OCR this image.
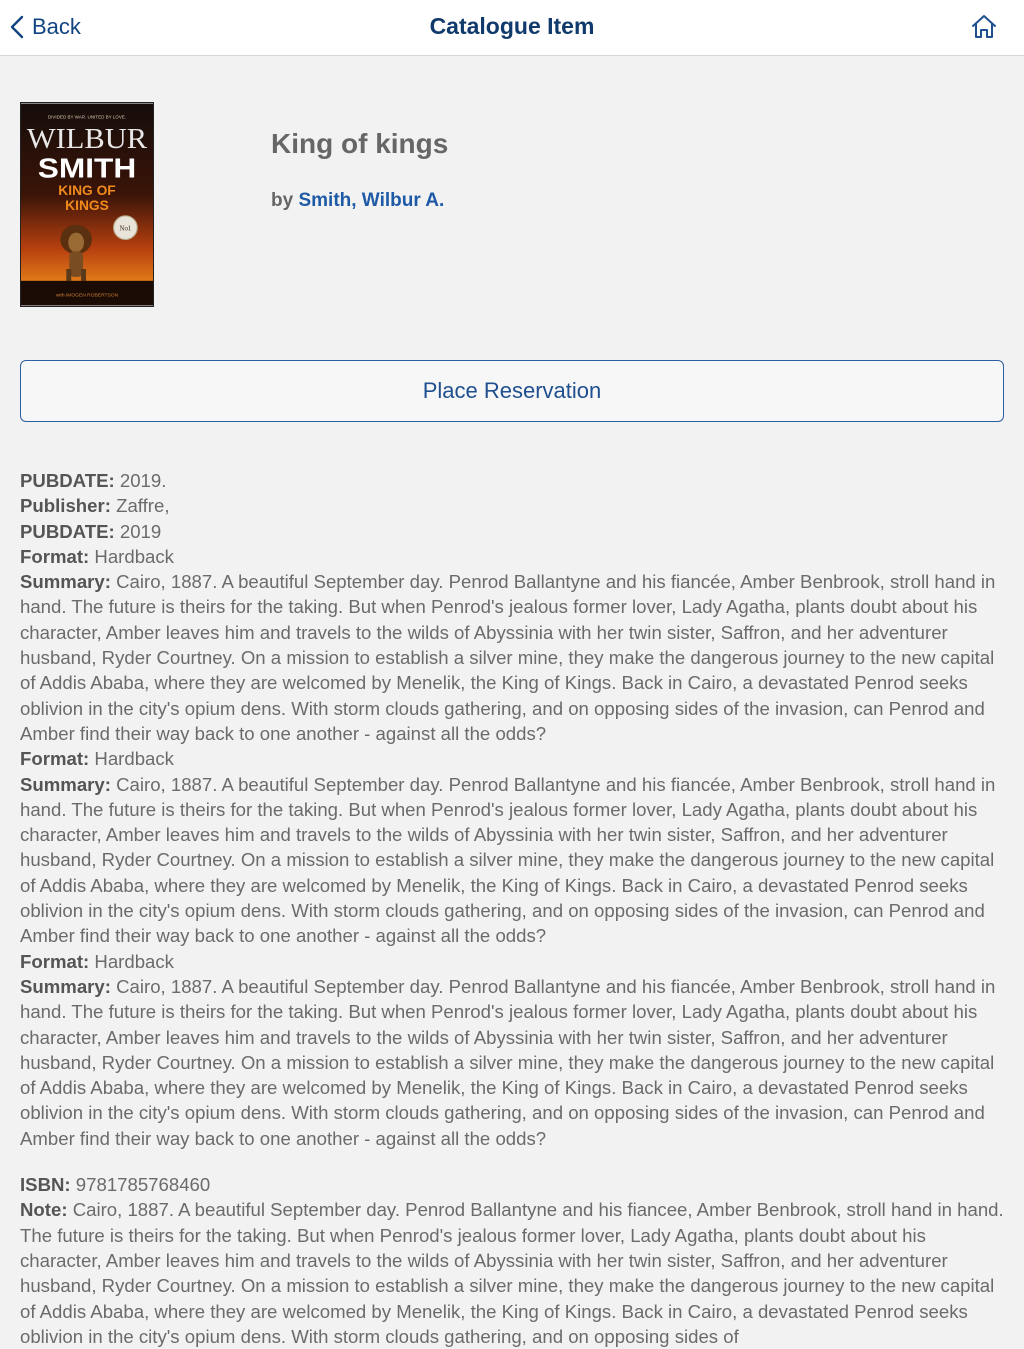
Back	Catalogue Item
DIVIDED BY WAR. UNITED BY LOVE.
WILBUR
SMITH
KING OF
KINGS
No1
with IMOGEN ROBERTSON
King of kings
by Smith, Wilbur A.
Place Reservation
PUBDATE: 2019.
Publisher: Zaffre,
PUBDATE: 2019
Format: Hardback
Summary: Cairo, 1887. A beautiful September day. Penrod Ballantyne and his fiancée, Amber Benbrook, stroll hand in hand. The future is theirs for the taking. But when Penrod's jealous former lover, Lady Agatha, plants doubt about his character, Amber leaves him and travels to the wilds of Abyssinia with her twin sister, Saffron, and her adventurer husband, Ryder Courtney. On a mission to establish a silver mine, they make the dangerous journey to the new capital of Addis Ababa, where they are welcomed by Menelik, the King of Kings. Back in Cairo, a devastated Penrod seeks oblivion in the city's opium dens. With storm clouds gathering, and on opposing sides of the invasion, can Penrod and Amber find their way back to one another - against all the odds?
Format: Hardback
Summary: Cairo, 1887. A beautiful September day. Penrod Ballantyne and his fiancée, Amber Benbrook, stroll hand in hand. The future is theirs for the taking. But when Penrod's jealous former lover, Lady Agatha, plants doubt about his character, Amber leaves him and travels to the wilds of Abyssinia with her twin sister, Saffron, and her adventurer husband, Ryder Courtney. On a mission to establish a silver mine, they make the dangerous journey to the new capital of Addis Ababa, where they are welcomed by Menelik, the King of Kings. Back in Cairo, a devastated Penrod seeks oblivion in the city's opium dens. With storm clouds gathering, and on opposing sides of the invasion, can Penrod and Amber find their way back to one another - against all the odds?
Format: Hardback
Summary: Cairo, 1887. A beautiful September day. Penrod Ballantyne and his fiancée, Amber Benbrook, stroll hand in hand. The future is theirs for the taking. But when Penrod's jealous former lover, Lady Agatha, plants doubt about his character, Amber leaves him and travels to the wilds of Abyssinia with her twin sister, Saffron, and her adventurer husband, Ryder Courtney. On a mission to establish a silver mine, they make the dangerous journey to the new capital of Addis Ababa, where they are welcomed by Menelik, the King of Kings. Back in Cairo, a devastated Penrod seeks oblivion in the city's opium dens. With storm clouds gathering, and on opposing sides of the invasion, can Penrod and Amber find their way back to one another - against all the odds?
ISBN: 9781785768460
Note: Cairo, 1887. A beautiful September day. Penrod Ballantyne and his fiancee, Amber Benbrook, stroll hand in hand. The future is theirs for the taking. But when Penrod's jealous former lover, Lady Agatha, plants doubt about his character, Amber leaves him and travels to the wilds of Abyssinia with her twin sister, Saffron, and her adventurer husband, Ryder Courtney. On a mission to establish a silver mine, they make the dangerous journey to the new capital of Addis Ababa, where they are welcomed by Menelik, the King of Kings. Back in Cairo, a devastated Penrod seeks oblivion in the city's opium dens. With storm clouds gathering, and on opposing sides of
